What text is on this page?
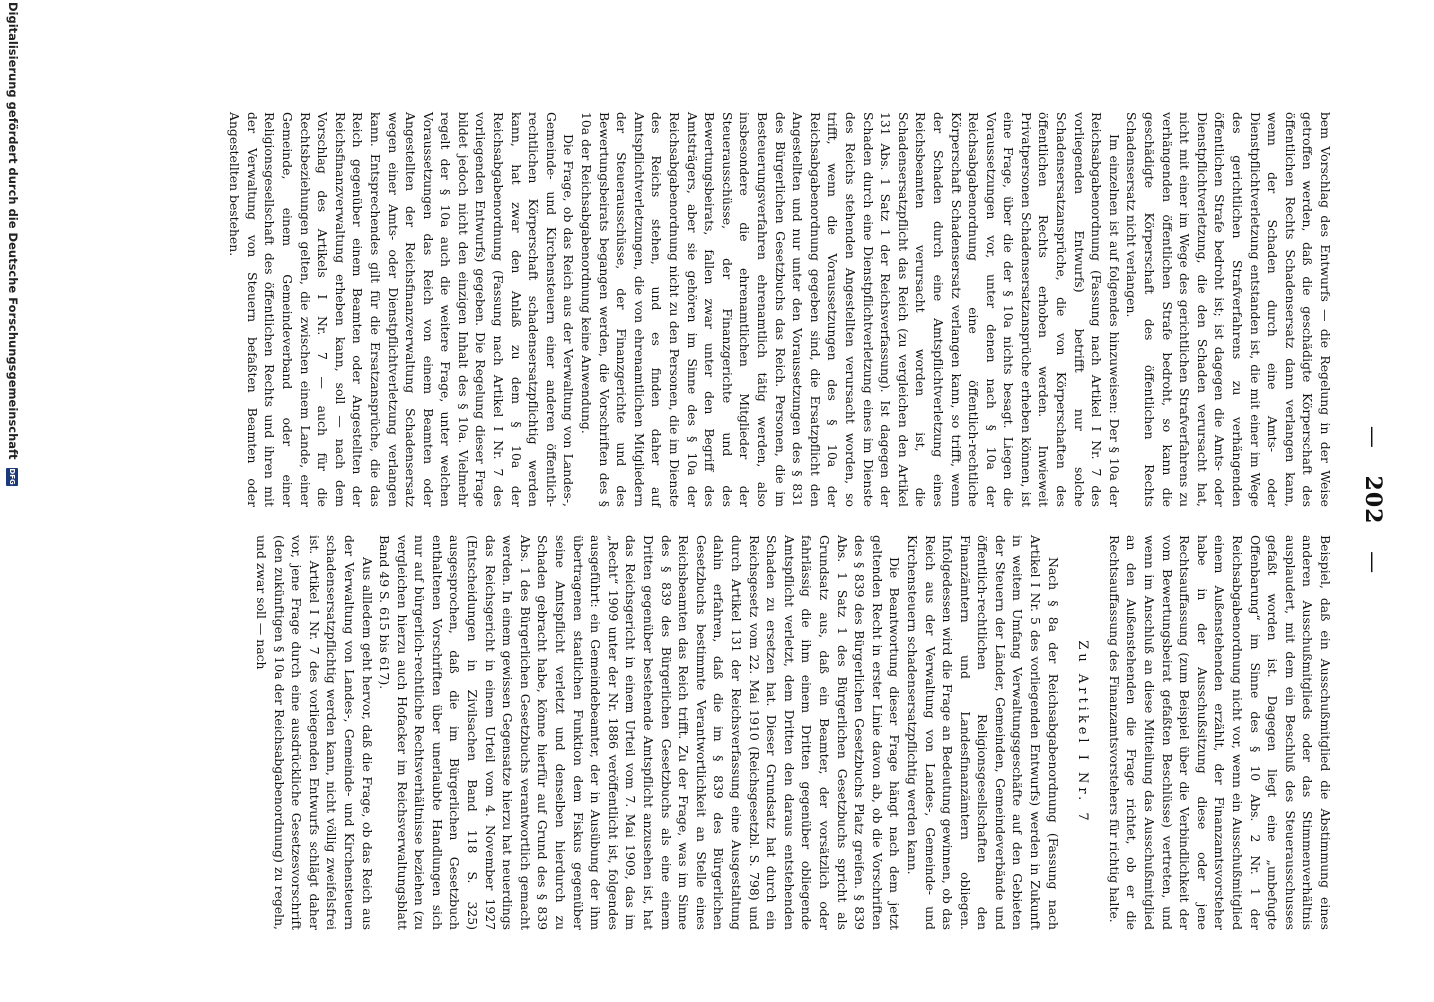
— 202 —

bem Vorschlag des Entwurfs — die Regelung in der Weise getroffen werden, daß die geschädigte Körperschaft des öffentlichen Rechts Schadensersatz dann verlangen kann, wenn der Schaden durch eine Amts- oder Dienstpflichtverletzung entstanden ist, die mit einer im Wege des gerichtlichen Strafverfahrens zu verhängenden öffentlichen Strafe bedroht ist; ist dagegen die Amts- oder Dienstpflichtverletzung, die den Schaden verursacht hat, nicht mit einer im Wege des gerichtlichen Strafverfahrens zu verhängenden öffentlichen Strafe bedroht, so kann die geschädigte Körperschaft des öffentlichen Rechts Schadensersatz nicht verlangen.

Im einzelnen ist auf folgendes hinzuweisen: Der § 10a der Reichsabgabenordnung (Fassung nach Artikel I Nr. 7 des vorliegenden Entwurfs) betrifft nur solche Schadensersatzansprüche, die von Körperschaften des öffentlichen Rechts erhoben werden. Inwieweit Privatpersonen Schadensersatzansprüche erheben können, ist eine Frage, über die der § 10a nichts besagt. Liegen die Voraussetzungen vor, unter denen nach § 10a der Reichsabgabenordnung eine öffentlich-rechtliche Körperschaft Schadensersatz verlangen kann, so trifft, wenn der Schaden durch eine Amtspflichtverletzung eines Reichsbeamten verursacht worden ist, die Schadensersatzpflicht das Reich (zu vergleichen den Artikel 131 Abs. 1 Satz 1 der Reichsverfassung). Ist dagegen der Schaden durch eine Dienstpflichtverletzung eines im Dienste des Reichs stehenden Angestellten verursacht worden, so trifft, wenn die Voraussetzungen des § 10a der Reichsabgabenordnung gegeben sind, die Ersatzpflicht den Angestellten und nur unter den Voraussetzungen des § 831 des Bürgerlichen Gesetzbuchs das Reich. Personen, die im Besteuerungsverfahren ehrenamtlich tätig werden, also insbesondere die ehrenamtlichen Mitglieder der Steuerausschüsse, der Finanzgerichte und des Bewertungsbeirats, fallen zwar unter den Begriff des Amtsträgers, aber sie gehören im Sinne des § 10a der Reichsabgabenordnung nicht zu den Personen, die im Dienste des Reichs stehen, und es finden daher auf Amtspflichtverletzungen, die von ehrenamtlichen Mitgliedern der Steuerausschüsse, der Finanzgerichte und des Bewertungsbeirats begangen werden, die Vorschriften des § 10a der Reichsabgabenordnung keine Anwendung.

Die Frage, ob das Reich aus der Verwaltung von Landes-, Gemeinde- und Kirchensteuern einer anderen öffentlich-rechtlichen Körperschaft schadensersatzpflichtig werden kann, hat zwar den Anlaß zu dem § 10a der Reichsabgabenordnung (Fassung nach Artikel I Nr. 7 des vorliegenden Entwurfs) gegeben. Die Regelung dieser Frage bildet jedoch nicht den einzigen Inhalt des § 10a. Vielmehr regelt der § 10a auch die weitere Frage, unter welchen Voraussetzungen das Reich von einem Beamten oder Angestellten der Reichsfinanzverwaltung Schadensersatz wegen einer Amts- oder Dienstpflichtverletzung verlangen kann. Entsprechendes gilt für die Ersatzansprüche, die das Reich gegenüber einem Beamten oder Angestellten der Reichsfinanzverwaltung erheben kann, soll — nach dem Vorschlag des Artikels I Nr. 7 — auch für die Rechtsbeziehungen gelten, die zwischen einem Lande, einer Gemeinde, einem Gemeindeverband oder einer Religionsgesellschaft des öffentlichen Rechts und ihren mit der Verwaltung von Steuern befaßten Beamten oder Angestellten bestehen.

Beispiel, daß ein Ausschußmitglied die Abstimmung eines anderen Ausschußmitglieds oder das Stimmenverhältnis ausplaudert, mit dem ein Beschluß des Steuerausschusses gefaßt worden ist. Dagegen liegt eine „unbefugte Offenbarung“ im Sinne des § 10 Abs. 2 Nr. 1 der Reichsabgabenordnung nicht vor, wenn ein Ausschußmitglied einem Außenstehenden erzählt, der Finanzamtsvorsteher habe in der Ausschußsitzung diese oder jene Rechtsauffassung (zum Beispiel über die Verbindlichkeit der vom Bewertungsbeirat gefaßten Beschlüsse) vertreten, und wenn im Anschluß an diese Mitteilung das Ausschußmitglied an den Außenstehenden die Frage richtet, ob er die Rechtsauffassung des Finanzamtsvorstehers für richtig halte.

Zu Artikel I Nr. 7

Nach § 8a der Reichsabgabenordnung (Fassung nach Artikel I Nr. 5 des vorliegenden Entwurfs) werden in Zukunft in weitem Umfang Verwaltungsgeschäfte auf den Gebieten der Steuern der Länder, Gemeinden, Gemeindeverbände und öffentlich-rechtlichen Religionsgesellschaften den Finanzämtern und Landesfinanzämtern obliegen. Infolgedessen wird die Frage an Bedeutung gewinnen, ob das Reich aus der Verwaltung von Landes-, Gemeinde- und Kirchensteuern schadensersatzpflichtig werden kann.

Die Beantwortung dieser Frage hängt nach dem jetzt geltenden Recht in erster Linie davon ab, ob die Vorschriften des § 839 des Bürgerlichen Gesetzbuchs Platz greifen. § 839 Abs. 1 Satz 1 des Bürgerlichen Gesetzbuchs spricht als Grundsatz aus, daß ein Beamter, der vorsätzlich oder fahrlässig die ihm einem Dritten gegenüber obliegende Amtspflicht verletzt, dem Dritten den daraus entstehenden Schaden zu ersetzen hat. Dieser Grundsatz hat durch ein Reichsgesetz vom 22. Mai 1910 (Reichsgesetzbl. S. 798) und durch Artikel 131 der Reichsverfassung eine Ausgestaltung dahin erfahren, daß die im § 839 des Bürgerlichen Gesetzbuchs bestimmte Verantwortlichkeit an Stelle eines Reichsbeamten das Reich trifft. Zu der Frage, was im Sinne des § 839 des Bürgerlichen Gesetzbuchs als eine einem Dritten gegenüber bestehende Amtspflicht anzusehen ist, hat das Reichsgericht in einem Urteil vom 7. Mai 1909, das im „Recht“ 1909 unter der Nr. 1886 veröffentlicht ist, folgendes ausgeführt: ein Gemeindebeamter, der in Ausübung der ihm übertragenen staatlichen Funktion dem Fiskus gegenüber seine Amtspflicht verletzt und denselben hierdurch zu Schaden gebracht habe, könne hierfür auf Grund des § 839 Abs. 1 des Bürgerlichen Gesetzbuchs verantwortlich gemacht werden. In einem gewissen Gegensatze hierzu hat neuerdings das Reichsgericht in einem Urteil vom 4. November 1927 (Entscheidungen in Zivilsachen Band 118 S. 325) ausgesprochen, daß die im Bürgerlichen Gesetzbuch enthaltenen Vorschriften über unerlaubte Handlungen sich nur auf bürgerlich-rechtliche Rechtsverhältnisse beziehen (zu vergleichen hierzu auch Hofacker im Reichsverwaltungsblatt Band 49 S. 615 bis 617).

Aus allledem geht hervor, daß die Frage, ob das Reich aus der Verwaltung von Landes-, Gemeinde- und Kirchensteuern schadensersatzpflichtig werden kann, nicht völlig zweifelsfrei ist. Artikel I Nr. 7 des vorliegenden Entwurfs schlägt daher vor, jene Frage durch eine ausdrückliche Gesetzesvorschrift (den zukünftigen § 10a der Reichsabgabenordnung) zu regeln, und zwar soll — nach

Digitalisierung gefördert durch die Deutsche Forschungsgemeinschaft DFG
